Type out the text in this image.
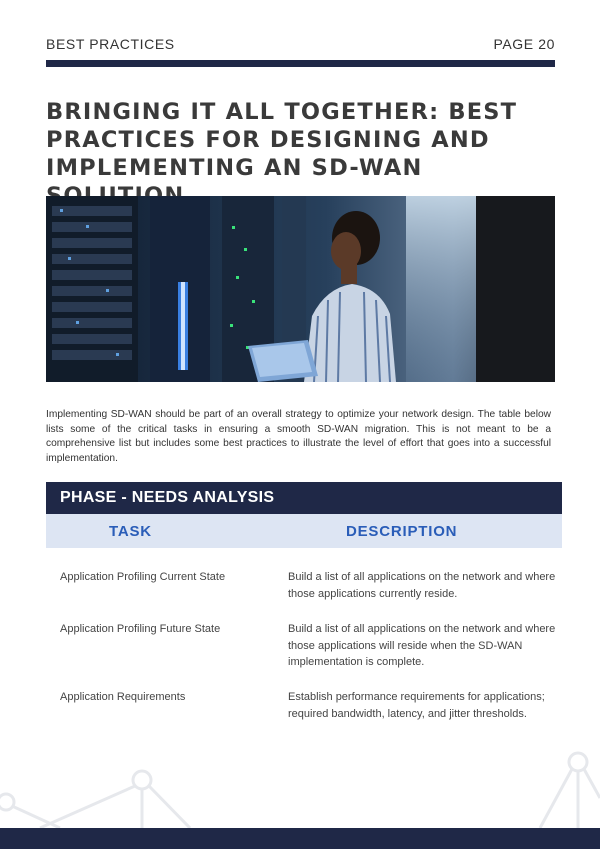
BEST PRACTICES	PAGE 20
BRINGING IT ALL TOGETHER: BEST PRACTICES FOR DESIGNING AND IMPLEMENTING AN SD-WAN
Implementing SD-WAN should be part of an overall strategy to optimize your network design. The table below lists some of the critical tasks in ensuring a smooth SD-WAN migration. This is not meant to be a comprehensive list but includes some best practices to illustrate the level of effort that goes into a successful implementation.
PHASE - NEEDS ANALYSIS
TASK	DESCRIPTION
Application Profiling Current State	Build a list of all applications on the network and where those applications currently reside.
Application Profiling Future State	Build a list of all applications on the network and where those applications will reside when the SD-WAN implementation is complete.
Application Requirements	Establish performance requirements for applications; required bandwidth, latency, and jitter thresholds.
